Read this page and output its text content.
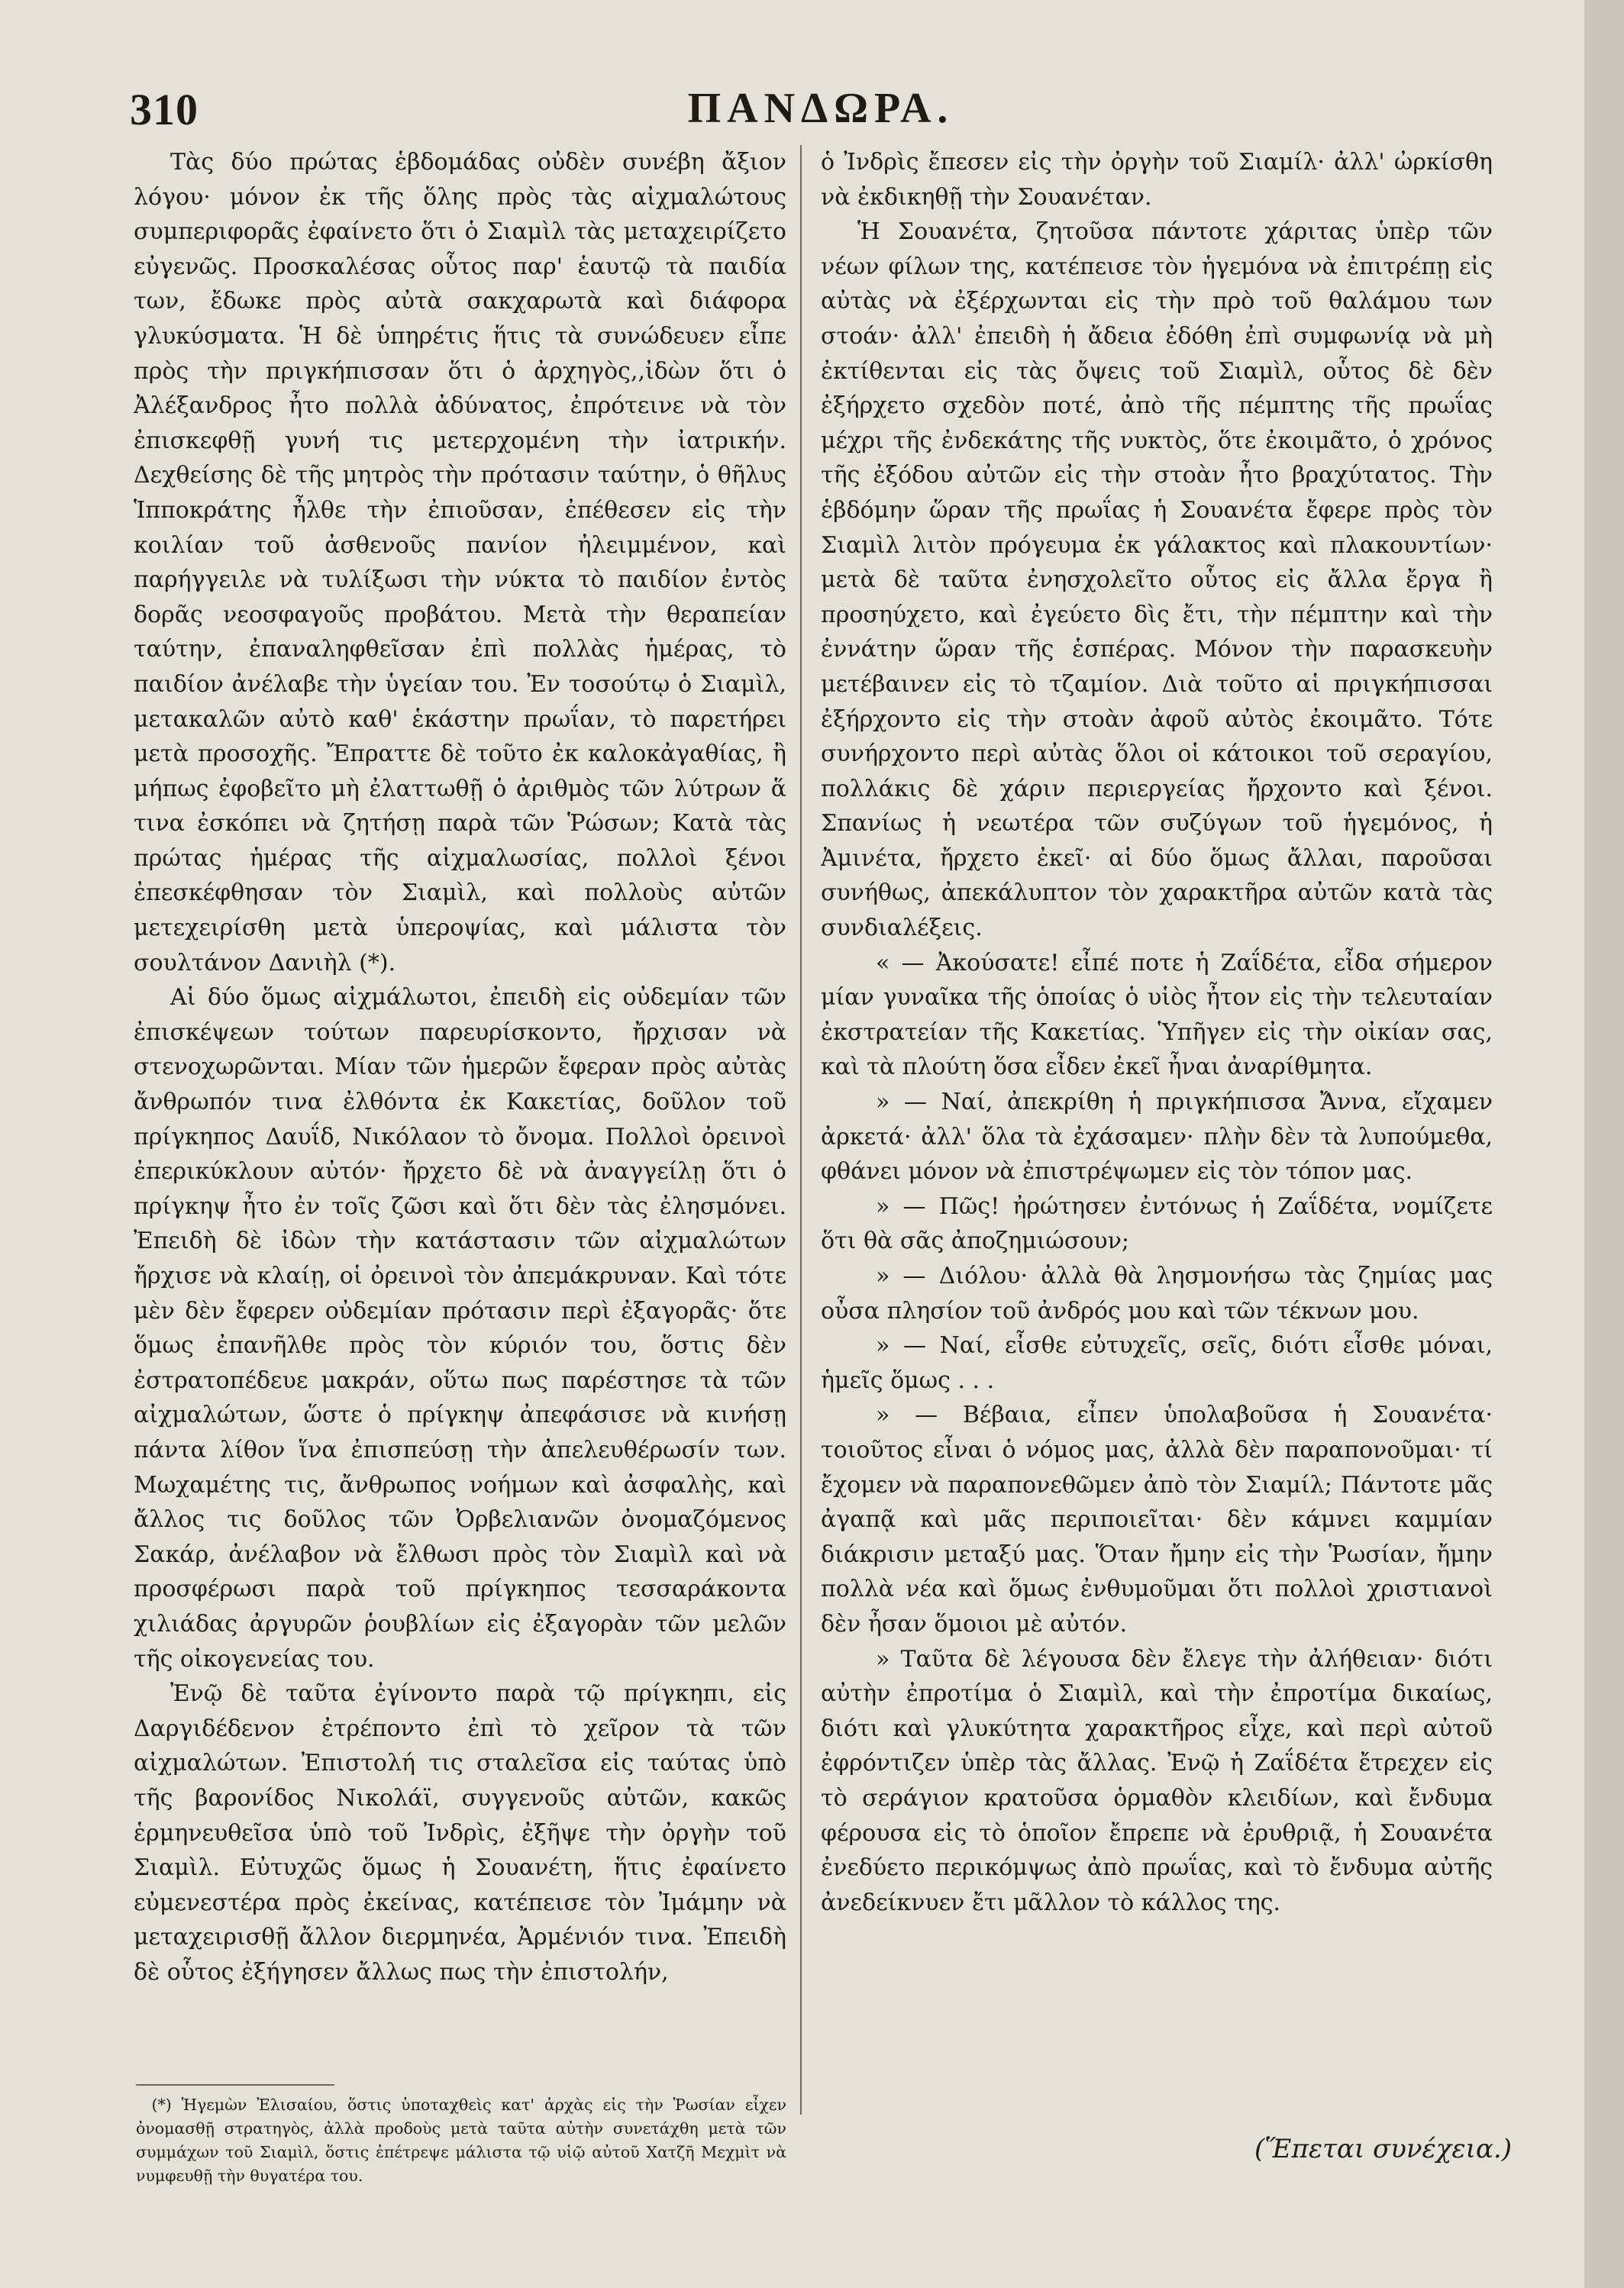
310	ΠΑΝΔΩΡΑ.

Τὰς δύο πρώτας ἑβδομάδας οὐδὲν συνέβη ἄξιον λόγου· μόνον ἐκ τῆς ὅλης πρὸς τὰς αἰχμαλώτους συμπεριφορᾶς ἐφαίνετο ὅτι ὁ Σιαμὶλ τὰς μεταχειρίζετο εὐγενῶς. Προσκαλέσας οὗτος παρ' ἑαυτῷ τὰ παιδία των, ἔδωκε πρὸς αὐτὰ σακχαρωτὰ καὶ διάφορα γλυκύσματα. Ἡ δὲ ὑπηρέτις ἥτις τὰ συνώδευεν εἶπε πρὸς τὴν πριγκήπισσαν ὅτι ὁ ἀρχηγὸς,,ἰδὼν ὅτι ὁ Ἀλέξανδρος ἦτο πολλὰ ἀδύνατος, ἐπρότεινε νὰ τὸν ἐπισκεφθῇ γυνή τις μετερχομένη τὴν ἰατρικήν. Δεχθείσης δὲ τῆς μητρὸς τὴν πρότασιν ταύτην, ὁ θῆλυς Ἱπποκράτης ἦλθε τὴν ἐπιοῦσαν, ἐπέθεσεν εἰς τὴν κοιλίαν τοῦ ἀσθενοῦς πανίον ἠλειμμένον, καὶ παρήγγειλε νὰ τυλίξωσι τὴν νύκτα τὸ παιδίον ἐντὸς δορᾶς νεοσφαγοῦς προβάτου. Μετὰ τὴν θεραπείαν ταύτην, ἐπαναληφθεῖσαν ἐπὶ πολλὰς ἡμέρας, τὸ παιδίον ἀνέλαβε τὴν ὑγείαν του. Ἐν τοσούτῳ ὁ Σιαμὶλ, μετακαλῶν αὐτὸ καθ' ἑκάστην πρωΐαν, τὸ παρετήρει μετὰ προσοχῆς. Ἔπραττε δὲ τοῦτο ἐκ καλοκἀγαθίας, ἢ μήπως ἐφοβεῖτο μὴ ἐλαττωθῇ ὁ ἀριθμὸς τῶν λύτρων ἅ τινα ἐσκόπει νὰ ζητήσῃ παρὰ τῶν Ῥώσων; Κατὰ τὰς πρώτας ἡμέρας τῆς αἰχμαλωσίας, πολλοὶ ξένοι ἐπεσκέφθησαν τὸν Σιαμὶλ, καὶ πολλοὺς αὐτῶν μετεχειρίσθη μετὰ ὑπεροψίας, καὶ μάλιστα τὸν σουλτάνον Δανιὴλ (*).

Αἱ δύο ὅμως αἰχμάλωτοι, ἐπειδὴ εἰς οὐδεμίαν τῶν ἐπισκέψεων τούτων παρευρίσκοντο, ἤρχισαν νὰ στενοχωρῶνται. Μίαν τῶν ἡμερῶν ἔφεραν πρὸς αὐτὰς ἄνθρωπόν τινα ἐλθόντα ἐκ Κακετίας, δοῦλον τοῦ πρίγκηπος Δαυΐδ, Νικόλαον τὸ ὄνομα. Πολλοὶ ὀρεινοὶ ἐπερικύκλουν αὐτόν· ἤρχετο δὲ νὰ ἀναγγείλῃ ὅτι ὁ πρίγκηψ ἦτο ἐν τοῖς ζῶσι καὶ ὅτι δὲν τὰς ἐλησμόνει. Ἐπειδὴ δὲ ἰδὼν τὴν κατάστασιν τῶν αἰχμαλώτων ἤρχισε νὰ κλαίῃ, οἱ ὀρεινοὶ τὸν ἀπεμάκρυναν. Καὶ τότε μὲν δὲν ἔφερεν οὐδεμίαν πρότασιν περὶ ἐξαγορᾶς· ὅτε ὅμως ἐπανῆλθε πρὸς τὸν κύριόν του, ὅστις δὲν ἐστρατοπέδευε μακράν, οὕτω πως παρέστησε τὰ τῶν αἰχμαλώτων, ὥστε ὁ πρίγκηψ ἀπεφάσισε νὰ κινήσῃ πάντα λίθον ἵνα ἐπισπεύσῃ τὴν ἀπελευθέρωσίν των. Μωχαμέτης τις, ἄνθρωπος νοήμων καὶ ἀσφαλὴς, καὶ ἄλλος τις δοῦλος τῶν Ὀρβελιανῶν ὀνομαζόμενος Σακάρ, ἀνέλαβον νὰ ἔλθωσι πρὸς τὸν Σιαμὶλ καὶ νὰ προσφέρωσι παρὰ τοῦ πρίγκηπος τεσσαράκοντα χιλιάδας ἀργυρῶν ῥουβλίων εἰς ἐξαγορὰν τῶν μελῶν τῆς οἰκογενείας του.

Ἐνῷ δὲ ταῦτα ἐγίνοντο παρὰ τῷ πρίγκηπι, εἰς Δαργιδέδενον ἐτρέποντο ἐπὶ τὸ χεῖρον τὰ τῶν αἰχμαλώτων. Ἐπιστολή τις σταλεῖσα εἰς ταύτας ὑπὸ τῆς βαρονίδος Νικολάϊ, συγγενοῦς αὐτῶν, κακῶς ἑρμηνευθεῖσα ὑπὸ τοῦ Ἰνδρὶς, ἐξῆψε τὴν ὀργὴν τοῦ Σιαμὶλ. Εὐτυχῶς ὅμως ἡ Σουανέτη, ἥτις ἐφαίνετο εὐμενεστέρα πρὸς ἐκείνας, κατέπεισε τὸν Ἰμάμην νὰ μεταχειρισθῇ ἄλλον διερμηνέα, Ἀρμένιόν τινα. Ἐπειδὴ δὲ οὗτος ἐξήγησεν ἄλλως πως τὴν ἐπιστολήν,

ὁ Ἰνδρὶς ἔπεσεν εἰς τὴν ὀργὴν τοῦ Σιαμίλ· ἀλλ' ὠρκίσθη νὰ ἐκδικηθῇ τὴν Σουανέταν.

Ἡ Σουανέτα, ζητοῦσα πάντοτε χάριτας ὑπὲρ τῶν νέων φίλων της, κατέπεισε τὸν ἡγεμόνα νὰ ἐπιτρέπῃ εἰς αὐτὰς νὰ ἐξέρχωνται εἰς τὴν πρὸ τοῦ θαλάμου των στοάν· ἀλλ' ἐπειδὴ ἡ ἄδεια ἐδόθη ἐπὶ συμφωνίᾳ νὰ μὴ ἐκτίθενται εἰς τὰς ὄψεις τοῦ Σιαμὶλ, οὗτος δὲ δὲν ἐξήρχετο σχεδὸν ποτέ, ἀπὸ τῆς πέμπτης τῆς πρωΐας μέχρι τῆς ἐνδεκάτης τῆς νυκτὸς, ὅτε ἐκοιμᾶτο, ὁ χρόνος τῆς ἐξόδου αὐτῶν εἰς τὴν στοὰν ἦτο βραχύτατος. Τὴν ἑβδόμην ὥραν τῆς πρωΐας ἡ Σουανέτα ἔφερε πρὸς τὸν Σιαμὶλ λιτὸν πρόγευμα ἐκ γάλακτος καὶ πλακουντίων· μετὰ δὲ ταῦτα ἐνησχολεῖτο οὗτος εἰς ἄλλα ἔργα ἢ προσηύχετο, καὶ ἐγεύετο δὶς ἔτι, τὴν πέμπτην καὶ τὴν ἐννάτην ὥραν τῆς ἑσπέρας. Μόνον τὴν παρασκευὴν μετέβαινεν εἰς τὸ τζαμίον. Διὰ τοῦτο αἱ πριγκήπισσαι ἐξήρχοντο εἰς τὴν στοὰν ἀφοῦ αὐτὸς ἐκοιμᾶτο. Τότε συνήρχοντο περὶ αὐτὰς ὅλοι οἱ κάτοικοι τοῦ σεραγίου, πολλάκις δὲ χάριν περιεργείας ἤρχοντο καὶ ξένοι. Σπανίως ἡ νεωτέρα τῶν συζύγων τοῦ ἡγεμόνος, ἡ Ἀμινέτα, ἤρχετο ἐκεῖ· αἱ δύο ὅμως ἄλλαι, παροῦσαι συνήθως, ἀπεκάλυπτον τὸν χαρακτῆρα αὐτῶν κατὰ τὰς συνδιαλέξεις.

« — Ἀκούσατε! εἶπέ ποτε ἡ Ζαΐδέτα, εἶδα σήμερον μίαν γυναῖκα τῆς ὁποίας ὁ υἱὸς ἦτον εἰς τὴν τελευταίαν ἐκστρατείαν τῆς Κακετίας. Ὑπῆγεν εἰς τὴν οἰκίαν σας, καὶ τὰ πλούτη ὅσα εἶδεν ἐκεῖ ἦναι ἀναρίθμητα.

» — Ναί, ἀπεκρίθη ἡ πριγκήπισσα Ἄννα, εἴχαμεν ἀρκετά· ἀλλ' ὅλα τὰ ἐχάσαμεν· πλὴν δὲν τὰ λυπούμεθα, φθάνει μόνον νὰ ἐπιστρέψωμεν εἰς τὸν τόπον μας.

» — Πῶς! ἠρώτησεν ἐντόνως ἡ Ζαΐδέτα, νομίζετε ὅτι θὰ σᾶς ἀποζημιώσουν;

» — Διόλου· ἀλλὰ θὰ λησμονήσω τὰς ζημίας μας οὖσα πλησίον τοῦ ἀνδρός μου καὶ τῶν τέκνων μου.

» — Ναί, εἶσθε εὐτυχεῖς, σεῖς, διότι εἶσθε μόναι, ἡμεῖς ὅμως . . .

» — Βέβαια, εἶπεν ὑπολαβοῦσα ἡ Σουανέτα· τοιοῦτος εἶναι ὁ νόμος μας, ἀλλὰ δὲν παραπονοῦμαι· τί ἔχομεν νὰ παραπονεθῶμεν ἀπὸ τὸν Σιαμίλ; Πάντοτε μᾶς ἀγαπᾷ καὶ μᾶς περιποιεῖται· δὲν κάμνει καμμίαν διάκρισιν μεταξύ μας. Ὅταν ἤμην εἰς τὴν Ῥωσίαν, ἤμην πολλὰ νέα καὶ ὅμως ἐνθυμοῦμαι ὅτι πολλοὶ χριστιανοὶ δὲν ἦσαν ὅμοιοι μὲ αὐτόν.

» Ταῦτα δὲ λέγουσα δὲν ἔλεγε τὴν ἀλήθειαν· διότι αὐτὴν ἐπροτίμα ὁ Σιαμὶλ, καὶ τὴν ἐπροτίμα δικαίως, διότι καὶ γλυκύτητα χαρακτῆρος εἶχε, καὶ περὶ αὐτοῦ ἐφρόντιζεν ὑπὲρ τὰς ἄλλας. Ἐνῷ ἡ Ζαΐδέτα ἔτρεχεν εἰς τὸ σεράγιον κρατοῦσα ὁρμαθὸν κλειδίων, καὶ ἔνδυμα φέρουσα εἰς τὸ ὁποῖον ἔπρεπε νὰ ἐρυθριᾷ, ἡ Σουανέτα ἐνεδύετο περικόμψως ἀπὸ πρωΐας, καὶ τὸ ἔνδυμα αὐτῆς ἀνεδείκνυεν ἔτι μᾶλλον τὸ κάλλος της.

(*) Ἡγεμὼν Ἐλισαίου, ὅστις ὑποταχθεὶς κατ' ἀρχὰς εἰς τὴν Ῥωσίαν εἶχεν ὀνομασθῇ στρατηγὸς, ἀλλὰ προδοὺς μετὰ ταῦτα αὐτὴν συνετάχθη μετὰ τῶν συμμάχων τοῦ Σιαμὶλ, ὅστις ἐπέτρεψε μάλιστα τῷ υἱῷ αὐτοῦ Χατζῆ Μεχμὶτ νὰ νυμφευθῇ τὴν θυγατέρα του.

(Ἕπεται συνέχεια.)
